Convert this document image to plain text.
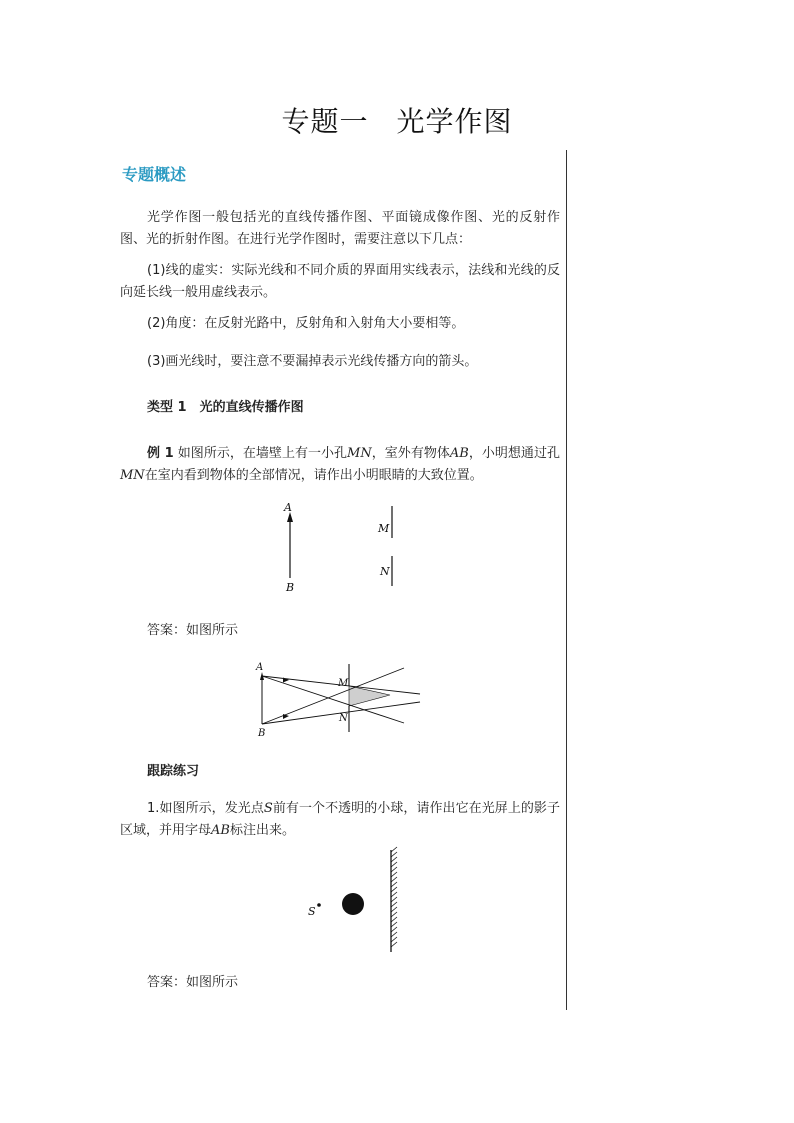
专题一 光学作图
专题概述
光学作图一般包括光的直线传播作图、平面镜成像作图、光的反射作图、光的折射作图。在进行光学作图时，需要注意以下几点：
(1)线的虚实：实际光线和不同介质的界面用实线表示，法线和光线的反向延长线一般用虚线表示。
(2)角度：在反射光路中，反射角和入射角大小要相等。
(3)画光线时，要注意不要漏掉表示光线传播方向的箭头。
类型 1　光的直线传播作图
例 1 如图所示，在墙壁上有一小孔MN，室外有物体AB，小明想通过孔MN在室内看到物体的全部情况，请作出小明眼睛的大致位置。
A
B
M
N
答案：如图所示
A
B
M
N
跟踪练习
1.如图所示，发光点S前有一个不透明的小球，请作出它在光屏上的影子区域，并用字母AB标注出来。
S
答案：如图所示
